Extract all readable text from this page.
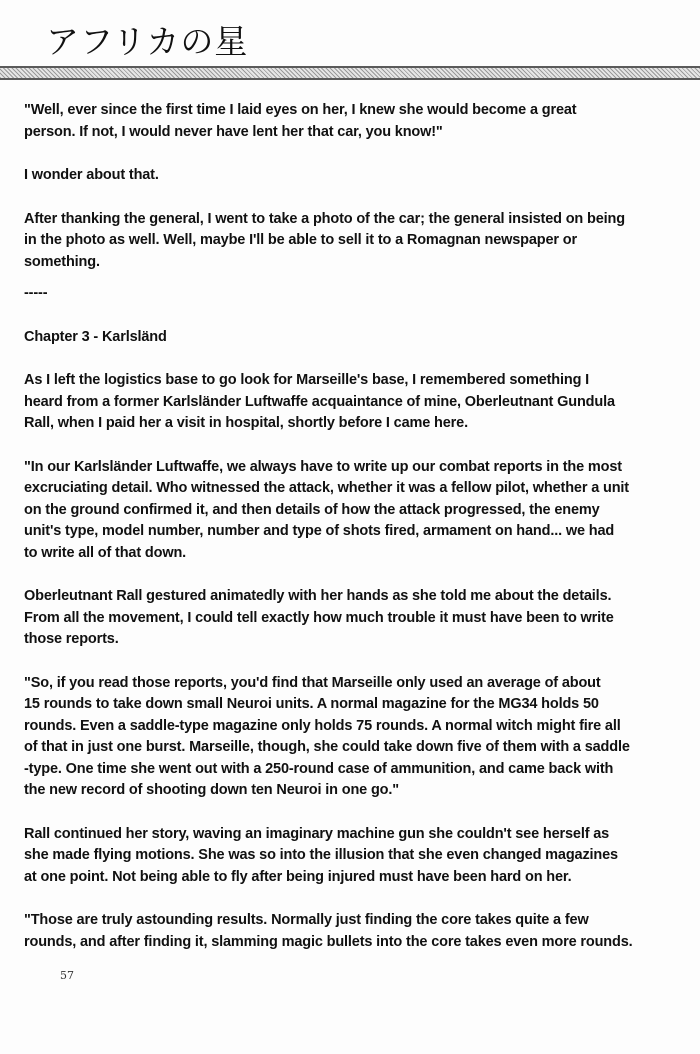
アフリカの星

"Well, ever since the first time I laid eyes on her, I knew she would become a great
person. If not, I would never have lent her that car, you know!"

I wonder about that.

After thanking the general, I went to take a photo of the car; the general insisted on being
in the photo as well. Well, maybe I'll be able to sell it to a Romagnan newspaper or
something.

-----

Chapter 3 - Karlsländ

As I left the logistics base to go look for Marseille's base, I remembered something I
heard from a former Karlsländer Luftwaffe acquaintance of mine, Oberleutnant Gundula
Rall, when I paid her a visit in hospital, shortly before I came here.

"In our Karlsländer Luftwaffe, we always have to write up our combat reports in the most
excruciating detail. Who witnessed the attack, whether it was a fellow pilot, whether a unit
on the ground confirmed it, and then details of how the attack progressed, the enemy
unit's type, model number, number and type of shots fired, armament on hand... we had
to write all of that down.

Oberleutnant Rall gestured animatedly with her hands as she told me about the details.
From all the movement, I could tell exactly how much trouble it must have been to write
those reports.

"So, if you read those reports, you'd find that Marseille only used an average of about
15 rounds to take down small Neuroi units. A normal magazine for the MG34 holds 50
rounds. Even a saddle-type magazine only holds 75 rounds. A normal witch might fire all
of that in just one burst. Marseille, though, she could take down five of them with a saddle
-type. One time she went out with a 250-round case of ammunition, and came back with
the new record of shooting down ten Neuroi in one go."

Rall continued her story, waving an imaginary machine gun she couldn't see herself as
she made flying motions. She was so into the illusion that she even changed magazines
at one point. Not being able to fly after being injured must have been hard on her.

"Those are truly astounding results. Normally just finding the core takes quite a few
rounds, and after finding it, slamming magic bullets into the core takes even more rounds.

57
